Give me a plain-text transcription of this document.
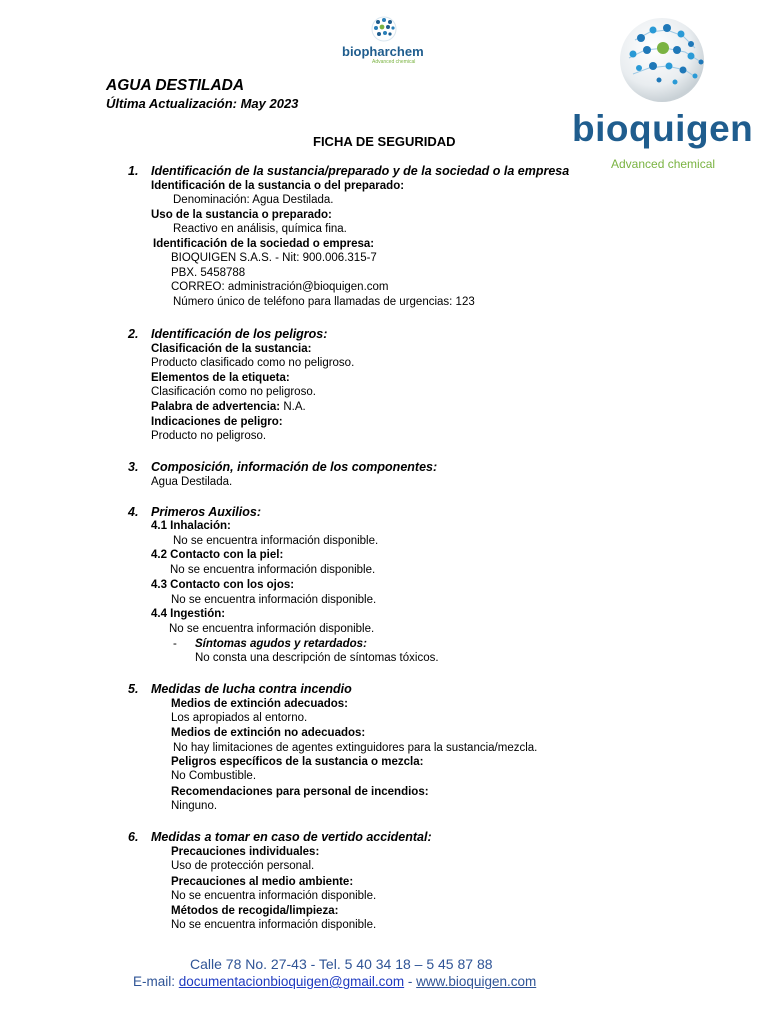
biopharchem
Advanced chemical
bioquigen
Advanced chemical
AGUA DESTILADA
Última Actualización: May 2023
FICHA DE SEGURIDAD
1. Identificación de la sustancia/preparado y de la sociedad o la empresa
Identificación de la sustancia o del preparado:
Denominación: Agua Destilada.
Uso de la sustancia o preparado:
Reactivo en análisis, química fina.
Identificación de la sociedad o empresa:
BIOQUIGEN S.A.S. - Nit: 900.006.315-7
PBX. 5458788
CORREO: administración@bioquigen.com
Número único de teléfono para llamadas de urgencias: 123
2. Identificación de los peligros:
Clasificación de la sustancia:
Producto clasificado como no peligroso.
Elementos de la etiqueta:
Clasificación como no peligroso.
Palabra de advertencia: N.A.
Indicaciones de peligro:
Producto no peligroso.
3. Composición, información de los componentes:
Agua Destilada.
4. Primeros Auxilios:
4.1 Inhalación:
No se encuentra información disponible.
4.2 Contacto con la piel:
No se encuentra información disponible.
4.3 Contacto con los ojos:
No se encuentra información disponible.
4.4 Ingestión:
No se encuentra información disponible.
- Síntomas agudos y retardados:
No consta una descripción de síntomas tóxicos.
5. Medidas de lucha contra incendio
Medios de extinción adecuados:
Los apropiados al entorno.
Medios de extinción no adecuados:
No hay limitaciones de agentes extinguidores para la sustancia/mezcla.
Peligros específicos de la sustancia o mezcla:
No Combustible.
Recomendaciones para personal de incendios:
Ninguno.
6. Medidas a tomar en caso de vertido accidental:
Precauciones individuales:
Uso de protección personal.
Precauciones al medio ambiente:
No se encuentra información disponible.
Métodos de recogida/limpieza:
No se encuentra información disponible.
Calle 78 No. 27-43 - Tel. 5 40 34 18 – 5 45 87 88
E-mail: documentacionbioquigen@gmail.com - www.bioquigen.com
